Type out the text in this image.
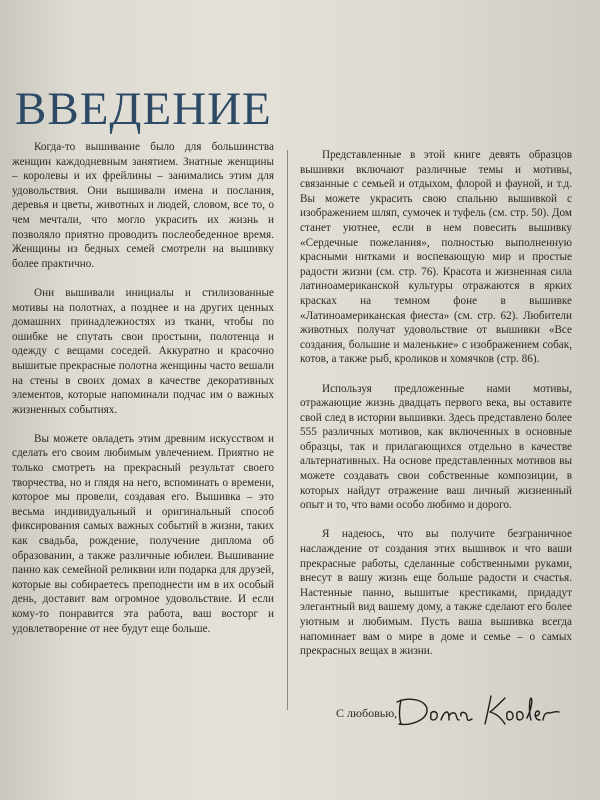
ВВЕДЕНИЕ

Когда-то вышивание было для большинства женщин каждодневным занятием. Знатные женщины – королевы и их фрейлины – занимались этим для удовольствия. Они вышивали имена и послания, деревья и цветы, животных и людей, словом, все то, о чем мечтали, что могло украсить их жизнь и позволяло приятно проводить послеобеденное время. Женщины из бедных семей смотрели на вышивку более практично.

Они вышивали инициалы и стилизованные мотивы на полотнах, а позднее и на других ценных домашних принадлежностях из ткани, чтобы по ошибке не спутать свои простыни, полотенца и одежду с вещами соседей. Аккуратно и красочно вышитые прекрасные полотна женщины часто вешали на стены в своих домах в качестве декоративных элементов, которые напоминали подчас им о важных жизненных событиях.

Вы можете овладеть этим древним искусством и сделать его своим любимым увлечением. Приятно не только смотреть на прекрасный результат своего творчества, но и глядя на него, вспоминать о времени, которое мы провели, создавая его. Вышивка – это весьма индивидуальный и оригинальный способ фиксирования самых важных событий в жизни, таких как свадьба, рождение, получение диплома об образовании, а также различные юбилеи. Вышивание панно как семейной реликвии или подарка для друзей, которые вы собираетесь преподнести им в их особый день, доставит вам огромное удовольствие. И если кому-то понравится эта работа, ваш восторг и удовлетворение от нее будут еще больше.

Представленные в этой книге девять образцов вышивки включают различные темы и мотивы, связанные с семьей и отдыхом, флорой и фауной, и т.д. Вы можете украсить свою спальню вышивкой с изображением шляп, сумочек и туфель (см. стр. 50). Дом станет уютнее, если в нем повесить вышивку «Сердечные пожелания», полностью выполненную красными нитками и воспевающую мир и простые радости жизни (см. стр. 76). Красота и жизненная сила латиноамериканской культуры отражаются в ярких красках на темном фоне в вышивке «Латиноамериканская фиеста» (см. стр. 62). Любители животных получат удовольствие от вышивки «Все создания, большие и маленькие» с изображением собак, котов, а также рыб, кроликов и хомячков (стр. 86).

Используя предложенные нами мотивы, отражающие жизнь двадцать первого века, вы оставите свой след в истории вышивки. Здесь представлено более 555 различных мотивов, как включенных в основные образцы, так и прилагающихся отдельно в качестве альтернативных. На основе представленных мотивов вы можете создавать свои собственные композиции, в которых найдут отражение ваш личный жизненный опыт и то, что вами особо любимо и дорого.

Я надеюсь, что вы получите безграничное наслаждение от создания этих вышивок и что ваши прекрасные работы, сделанные собственными руками, внесут в вашу жизнь еще больше радости и счастья. Настенные панно, вышитые крестиками, придадут элегантный вид вашему дому, а также сделают его более уютным и любимым. Пусть ваша вышивка всегда напоминает вам о мире в доме и семье – о самых прекрасных вещах в жизни.

С любовью,
